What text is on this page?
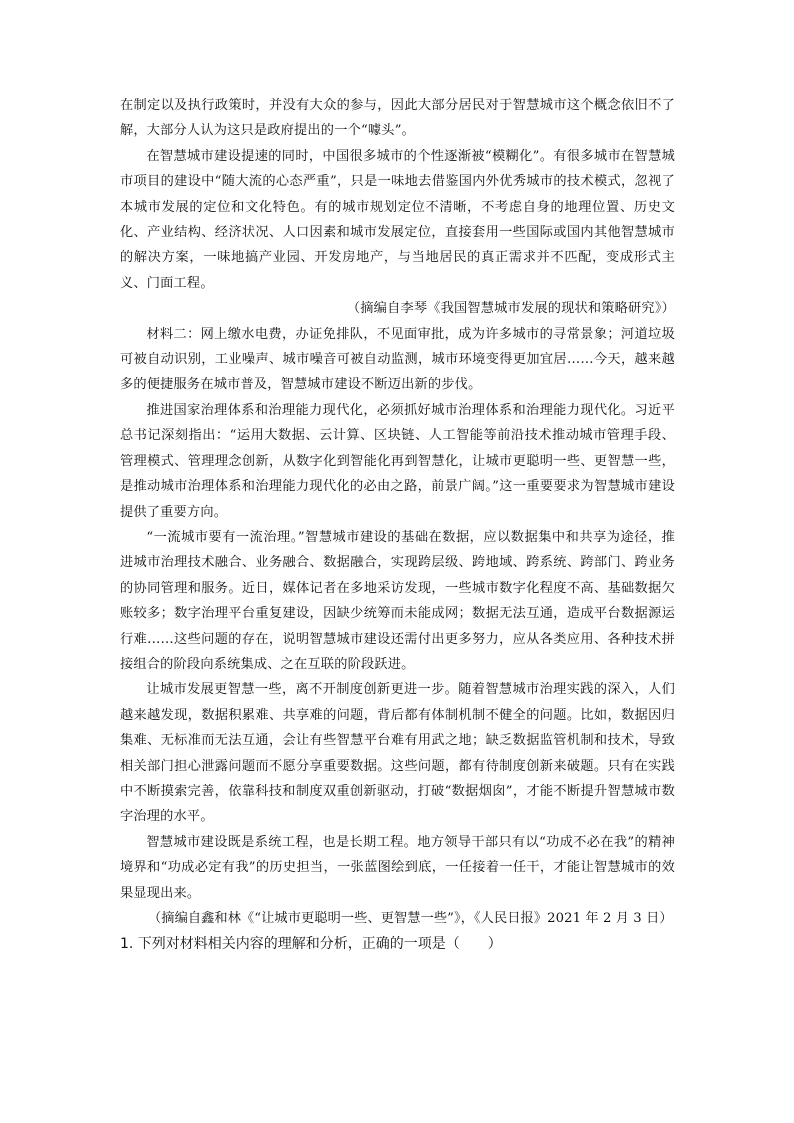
在制定以及执行政策时，并没有大众的参与，因此大部分居民对于智慧城市这个概念依旧不了解，大部分人认为这只是政府提出的一个“噱头”。

在智慧城市建设提速的同时，中国很多城市的个性逐渐被“模糊化”。有很多城市在智慧城市项目的建设中“随大流的心态严重”，只是一味地去借鉴国内外优秀城市的技术模式，忽视了本城市发展的定位和文化特色。有的城市规划定位不清晰，不考虑自身的地理位置、历史文化、产业结构、经济状况、人口因素和城市发展定位，直接套用一些国际或国内其他智慧城市的解决方案，一味地搞产业园、开发房地产，与当地居民的真正需求并不匹配，变成形式主义、门面工程。

（摘编自李琴《我国智慧城市发展的现状和策略研究》）

材料二：网上缴水电费，办证免排队，不见面审批，成为许多城市的寻常景象；河道垃圾可被自动识别，工业噪声、城市噪音可被自动监测，城市环境变得更加宜居……今天，越来越多的便捷服务在城市普及，智慧城市建设不断迈出新的步伐。

推进国家治理体系和治理能力现代化，必须抓好城市治理体系和治理能力现代化。习近平总书记深刻指出：“运用大数据、云计算、区块链、人工智能等前沿技术推动城市管理手段、管理模式、管理理念创新，从数字化到智能化再到智慧化，让城市更聪明一些、更智慧一些，是推动城市治理体系和治理能力现代化的必由之路，前景广阔。”这一重要要求为智慧城市建设提供了重要方向。

“一流城市要有一流治理。”智慧城市建设的基础在数据，应以数据集中和共享为途径，推进城市治理技术融合、业务融合、数据融合，实现跨层级、跨地域、跨系统、跨部门、跨业务的协同管理和服务。近日，媒体记者在多地采访发现，一些城市数字化程度不高、基础数据欠账较多；数字治理平台重复建设，因缺少统筹而未能成网；数据无法互通，造成平台数据源运行难……这些问题的存在，说明智慧城市建设还需付出更多努力，应从各类应用、各种技术拼接组合的阶段向系统集成、之在互联的阶段跃进。

让城市发展更智慧一些，离不开制度创新更进一步。随着智慧城市治理实践的深入，人们越来越发现，数据积累难、共享难的问题，背后都有体制机制不健全的问题。比如，数据因归集难、无标准而无法互通，会让有些智慧平台难有用武之地；缺乏数据监管机制和技术，导致相关部门担心泄露问题而不愿分享重要数据。这些问题，都有待制度创新来破题。只有在实践中不断摸索完善，依靠科技和制度双重创新驱动，打破“数据烟囱”，才能不断提升智慧城市数字治理的水平。

智慧城市建设既是系统工程，也是长期工程。地方领导干部只有以“功成不必在我”的精神境界和“功成必定有我”的历史担当，一张蓝图绘到底，一任接着一任干，才能让智慧城市的效果显现出来。

（摘编自鑫和林《“让城市更聪明一些、更智慧一些”》，《人民日报》2021 年 2 月 3 日）

1. 下列对材料相关内容的理解和分析，正确的一项是（　　）
